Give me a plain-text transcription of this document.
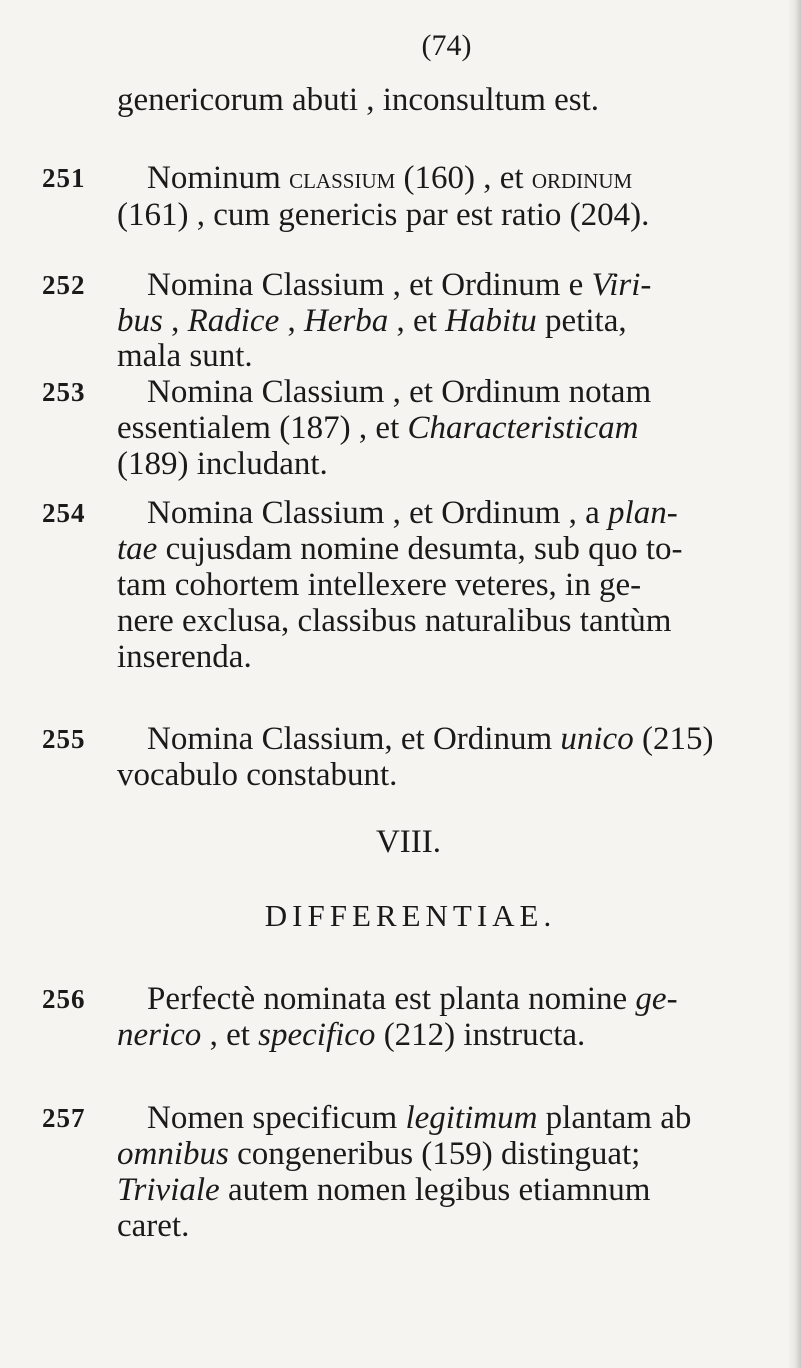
(74)
genericorum abuti , inconsultum est.
251 Nominum classium (160) , et ordinum
(161) , cum genericis par est ratio (204).
252 Nomina Classium , et Ordinum e Viri-
bus , Radice , Herba , et Habitu petita,
mala sunt.
253 Nomina Classium , et Ordinum notam
essentialem (187) , et Characteristicam
(189) includant.
254 Nomina Classium , et Ordinum , a plan-
tae cujusdam nomine desumta, sub quo to-
tam cohortem intellexere veteres, in ge-
nere exclusa, classibus naturalibus tantùm
inserenda.
255 Nomina Classium, et Ordinum unico (215)
vocabulo constabunt.
VIII.
DIFFERENTIAE.
256 Perfectè nominata est planta nomine ge-
nerico , et specifico (212) instructa.
257 Nomen specificum legitimum plantam ab
omnibus congeneribus (159) distinguat;
Triviale autem nomen legibus etiamnum
caret.
